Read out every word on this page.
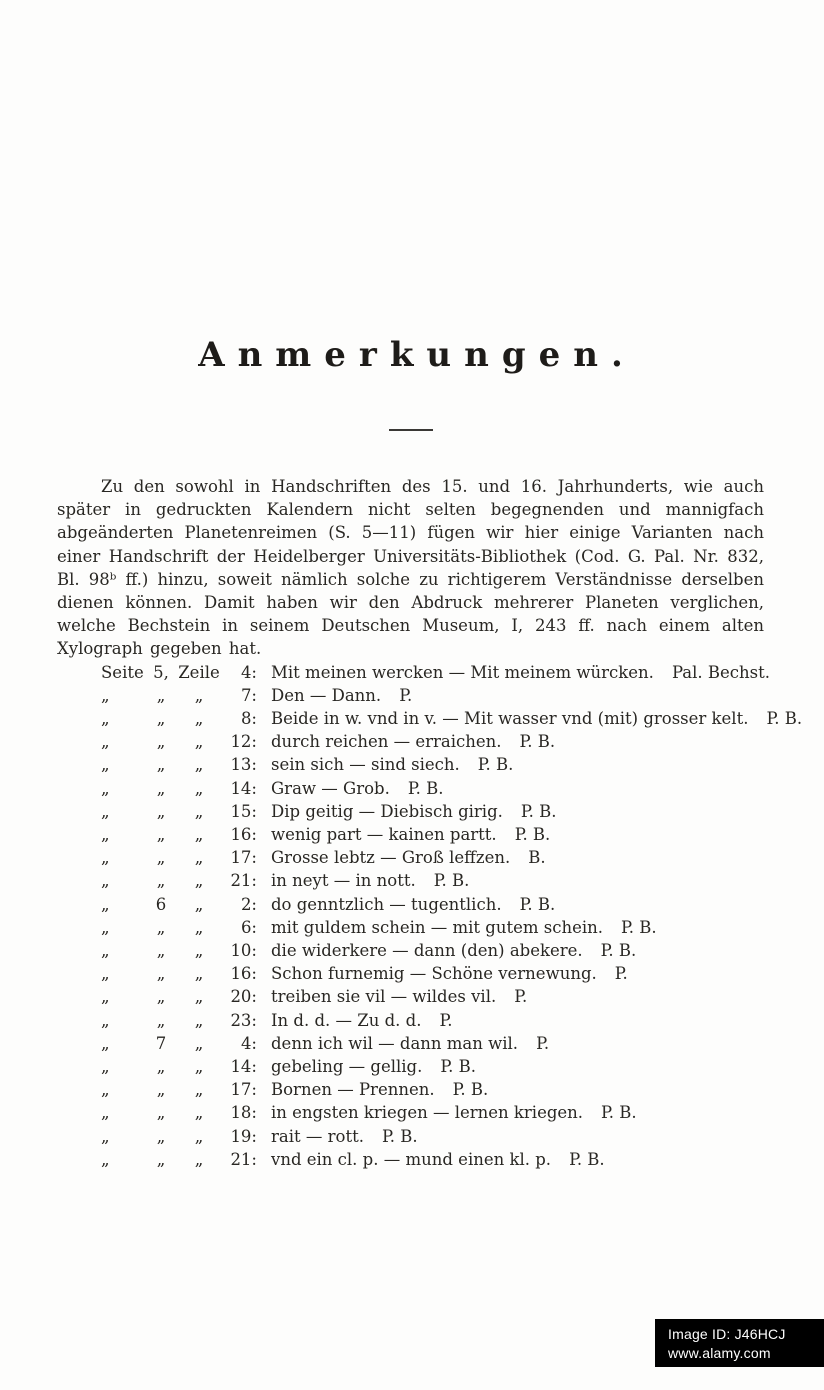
Anmerkungen.

Zu den sowohl in Handschriften des 15. und 16. Jahrhunderts, wie auch später in gedruckten Kalendern nicht selten begegnenden und mannigfach abgeänderten Planetenreimen (S. 5—11) fügen wir hier einige Varianten nach einer Handschrift der Heidelberger Universitäts-Bibliothek (Cod. G. Pal. Nr. 832, Bl. 98ᵇ ff.) hinzu, soweit nämlich solche zu richtigerem Verständnisse derselben dienen können. Damit haben wir den Abdruck mehrerer Planeten verglichen, welche Bechstein in seinem Deutschen Museum, I, 243 ff. nach einem alten Xylograph gegeben hat.

Seite 5, Zeile	4: Mit meinen wercken — Mit meinem würcken. Pal. Bechst.
„	„	„	7: Den — Dann. P.
„	„	„	8: Beide in w. vnd in v. — Mit wasser vnd (mit) grosser kelt. P. B.
„	„	„	12: durch reichen — erraichen. P. B.
„	„	„	13: sein sich — sind siech. P. B.
„	„	„	14: Graw — Grob. P. B.
„	„	„	15: Dip geitig — Diebisch girig. P. B.
„	„	„	16: wenig part — kainen partt. P. B.
„	„	„	17: Grosse lebtz — Groß leffzen. B.
„	„	„	21: in neyt — in nott. P. B.
„	6	„	2: do genntzlich — tugentlich. P. B.
„	„	„	6: mit guldem schein — mit gutem schein. P. B.
„	„	„	10: die widerkere — dann (den) abekere. P. B.
„	„	„	16: Schon furnemig — Schöne vernewung. P.
„	„	„	20: treiben sie vil — wildes vil. P.
„	„	„	23: In d. d. — Zu d. d. P.
„	7	„	4: denn ich wil — dann man wil. P.
„	„	„	14: gebeling — gellig. P. B.
„	„	„	17: Bornen — Prennen. P. B.
„	„	„	18: in engsten kriegen — lernen kriegen. P. B.
„	„	„	19: rait — rott. P. B.
„	„	„	21: vnd ein cl. p. — mund einen kl. p. P. B.
Image ID: J46HCJ
www.alamy.com
